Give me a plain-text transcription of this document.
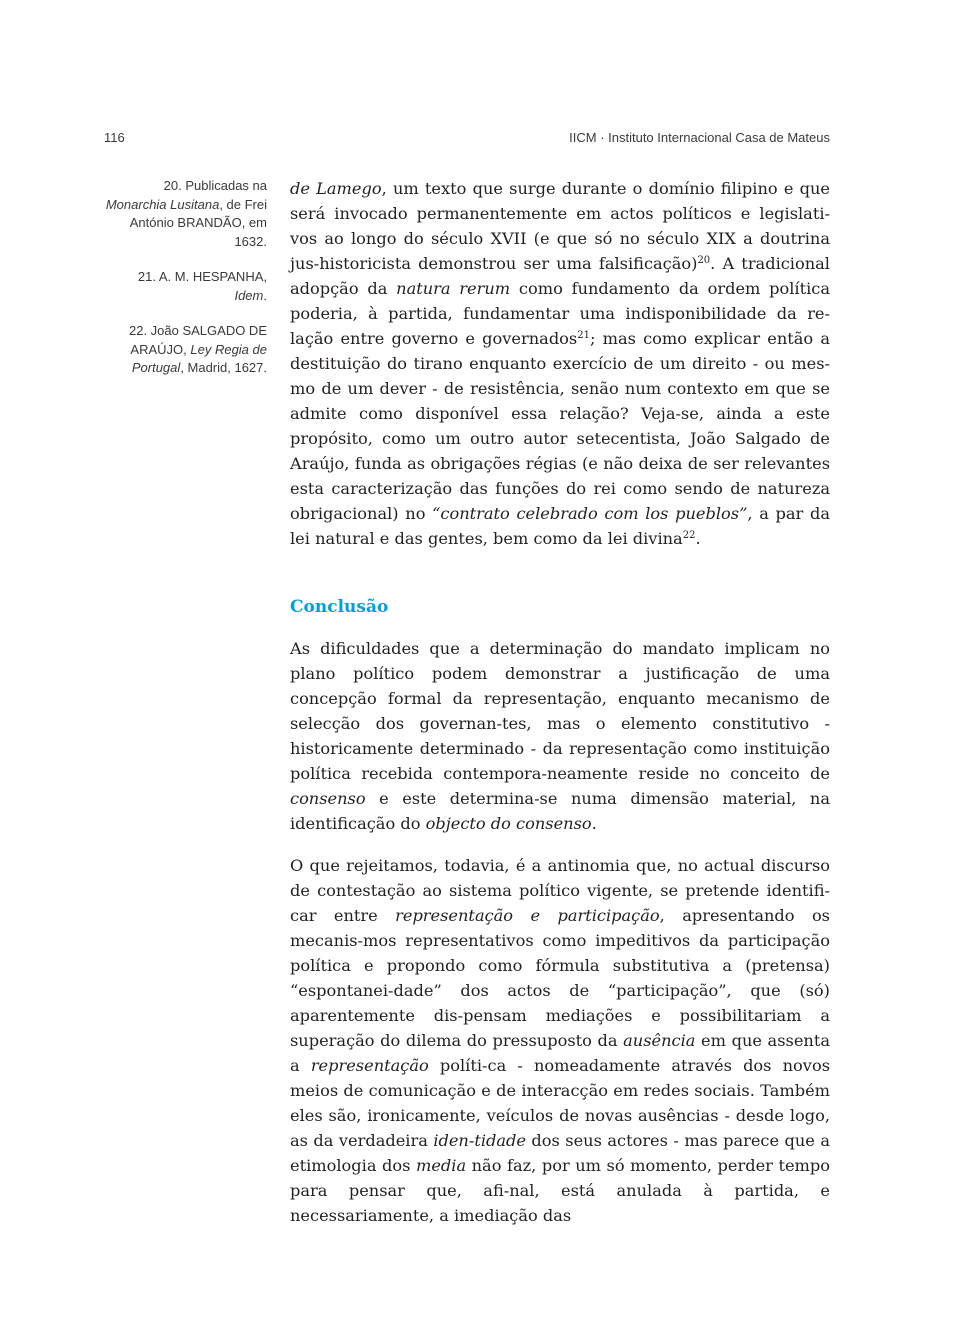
116	IICM · Instituto Internacional Casa de Mateus

20. Publicadas na
Monarchia Lusitana, de Frei António BRANDÃO, em 1632.

21. A. M. HESPANHA,
Idem.

22. João SALGADO DE ARAÚJO, Ley Regia de Portugal, Madrid, 1627.

de Lamego, um texto que surge durante o domínio filipino e que será invocado permanentemente em actos políticos e legislati-vos ao longo do século XVII (e que só no século XIX a doutrina jus-historicista demonstrou ser uma falsificação)$^{20}$. A tradicional adopção da natura rerum como fundamento da ordem política poderia, à partida, fundamentar uma indisponibilidade da re-lação entre governo e governados$^{21}$; mas como explicar então a destituição do tirano enquanto exercício de um direito - ou mes-mo de um dever - de resistência, senão num contexto em que se admite como disponível essa relação? Veja-se, ainda a este propósito, como um outro autor setecentista, João Salgado de Araújo, funda as obrigações régias (e não deixa de ser relevantes esta caracterização das funções do rei como sendo de natureza obrigacional) no “contrato celebrado com los pueblos”, a par da lei natural e das gentes, bem como da lei divina$^{22}$.

Conclusão

As dificuldades que a determinação do mandato implicam no plano político podem demonstrar a justificação de uma concepção formal da representação, enquanto mecanismo de selecção dos governan-tes, mas o elemento constitutivo - historicamente determinado - da representação como instituição política recebida contempora-neamente reside no conceito de consenso e este determina-se numa dimensão material, na identificação do objecto do consenso.

O que rejeitamos, todavia, é a antinomia que, no actual discurso de contestação ao sistema político vigente, se pretende identifi-car entre representação e participação, apresentando os mecanis-mos representativos como impeditivos da participação política e propondo como fórmula substitutiva a (pretensa) “espontanei-dade” dos actos de “participação”, que (só) aparentemente dis-pensam mediações e possibilitariam a superação do dilema do pressuposto da ausência em que assenta a representação políti-ca - nomeadamente através dos novos meios de comunicação e de interacção em redes sociais. Também eles são, ironicamente, veículos de novas ausências - desde logo, as da verdadeira iden-tidade dos seus actores - mas parece que a etimologia dos media não faz, por um só momento, perder tempo para pensar que, afi-nal, está anulada à partida, e necessariamente, a imediação das
